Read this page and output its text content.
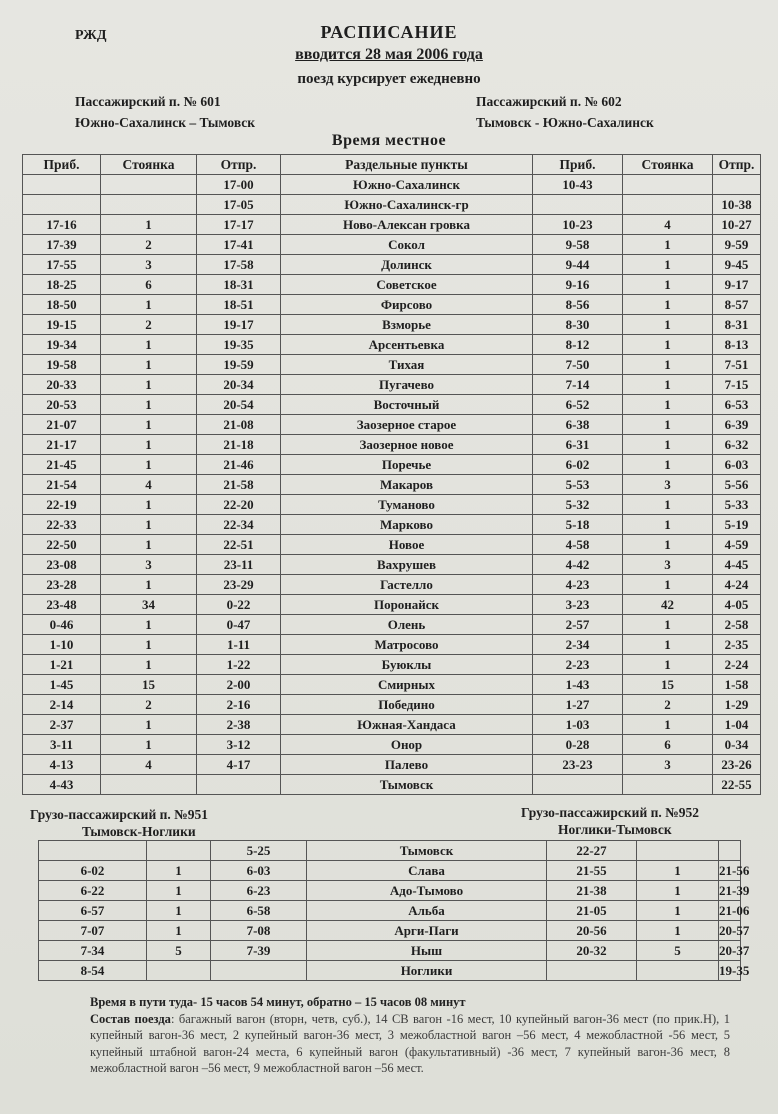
РЖД	РАСПИСАНИЕ
вводится 28 мая 2006 года
поезд курсирует ежедневно
Пассажирский п. № 601
Южно-Сахалинск – Тымовск
Пассажирский п. № 602
Тымовск - Южно-Сахалинск
Время местное
Приб.	Стоянка	Отпр.	Раздельные пункты	Приб.	Стоянка	Отпр.
		17-00	Южно-Сахалинск	10-43		
		17-05	Южно-Сахалинск-гр			10-38
17-16	1	17-17	Ново-Алексан гровка	10-23	4	10-27
17-39	2	17-41	Сокол	9-58	1	9-59
17-55	3	17-58	Долинск	9-44	1	9-45
18-25	6	18-31	Советское	9-16	1	9-17
18-50	1	18-51	Фирсово	8-56	1	8-57
19-15	2	19-17	Взморье	8-30	1	8-31
19-34	1	19-35	Арсентьевка	8-12	1	8-13
19-58	1	19-59	Тихая	7-50	1	7-51
20-33	1	20-34	Пугачево	7-14	1	7-15
20-53	1	20-54	Восточный	6-52	1	6-53
21-07	1	21-08	Заозерное старое	6-38	1	6-39
21-17	1	21-18	Заозерное новое	6-31	1	6-32
21-45	1	21-46	Поречье	6-02	1	6-03
21-54	4	21-58	Макаров	5-53	3	5-56
22-19	1	22-20	Туманово	5-32	1	5-33
22-33	1	22-34	Марково	5-18	1	5-19
22-50	1	22-51	Новое	4-58	1	4-59
23-08	3	23-11	Вахрушев	4-42	3	4-45
23-28	1	23-29	Гастелло	4-23	1	4-24
23-48	34	0-22	Поронайск	3-23	42	4-05
0-46	1	0-47	Олень	2-57	1	2-58
1-10	1	1-11	Матросово	2-34	1	2-35
1-21	1	1-22	Буюклы	2-23	1	2-24
1-45	15	2-00	Смирных	1-43	15	1-58
2-14	2	2-16	Победино	1-27	2	1-29
2-37	1	2-38	Южная-Хандаса	1-03	1	1-04
3-11	1	3-12	Онор	0-28	6	0-34
4-13	4	4-17	Палево	23-23	3	23-26
4-43			Тымовск			22-55
Грузо-пассажирский п. №951
Тымовск-Ноглики
Грузо-пассажирский п. №952
Ноглики-Тымовск
		5-25	Тымовск	22-27		
6-02	1	6-03	Слава	21-55	1	21-56
6-22	1	6-23	Адо-Тымово	21-38	1	21-39
6-57	1	6-58	Альба	21-05	1	21-06
7-07	1	7-08	Арги-Паги	20-56	1	20-57
7-34	5	7-39	Ныш	20-32	5	20-37
8-54			Ноглики			19-35

Время в пути туда- 15 часов 54 минут, обратно – 15 часов 08 минут

Состав поезда: багажный вагон (вторн, четв, суб.), 14 СВ вагон -16 мест, 10 купейный вагон-36 мест (по прик.Н), 1 купейный вагон-36 мест, 2 купейный вагон-36 мест, 3 межобластной вагон –56 мест, 4 межобластной -56 мест, 5 купейный штабной вагон-24 места, 6 купейный вагон (факультативный) -36 мест, 7 купейный вагон-36 мест, 8 межобластной вагон –56 мест, 9 межобластной вагон –56 мест.
